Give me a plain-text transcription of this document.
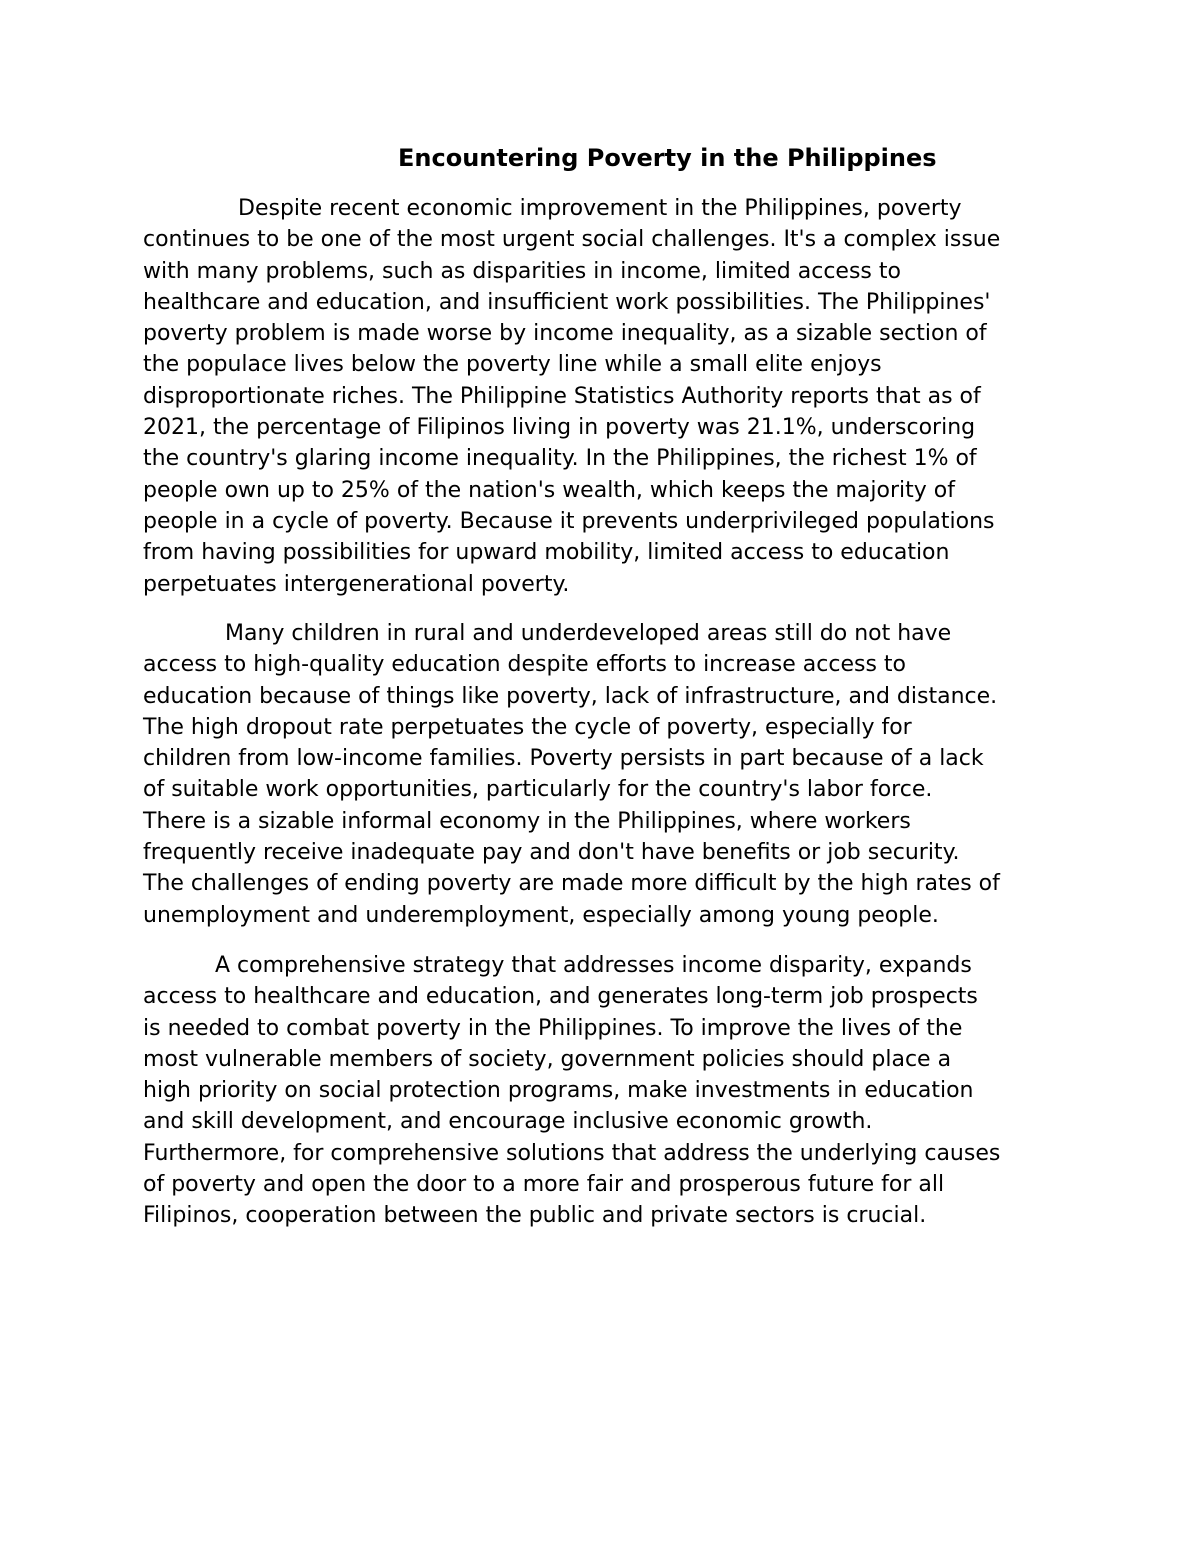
Encountering Poverty in the Philippines
Despite recent economic improvement in the Philippines, poverty
continues to be one of the most urgent social challenges. It's a complex issue
with many problems, such as disparities in income, limited access to
healthcare and education, and insufficient work possibilities. The Philippines'
poverty problem is made worse by income inequality, as a sizable section of
the populace lives below the poverty line while a small elite enjoys
disproportionate riches. The Philippine Statistics Authority reports that as of
2021, the percentage of Filipinos living in poverty was 21.1%, underscoring
the country's glaring income inequality. In the Philippines, the richest 1% of
people own up to 25% of the nation's wealth, which keeps the majority of
people in a cycle of poverty. Because it prevents underprivileged populations
from having possibilities for upward mobility, limited access to education
perpetuates intergenerational poverty.
Many children in rural and underdeveloped areas still do not have
access to high-quality education despite efforts to increase access to
education because of things like poverty, lack of infrastructure, and distance.
The high dropout rate perpetuates the cycle of poverty, especially for
children from low-income families. Poverty persists in part because of a lack
of suitable work opportunities, particularly for the country's labor force.
There is a sizable informal economy in the Philippines, where workers
frequently receive inadequate pay and don't have benefits or job security.
The challenges of ending poverty are made more difficult by the high rates of
unemployment and underemployment, especially among young people.
A comprehensive strategy that addresses income disparity, expands
access to healthcare and education, and generates long-term job prospects
is needed to combat poverty in the Philippines. To improve the lives of the
most vulnerable members of society, government policies should place a
high priority on social protection programs, make investments in education
and skill development, and encourage inclusive economic growth.
Furthermore, for comprehensive solutions that address the underlying causes
of poverty and open the door to a more fair and prosperous future for all
Filipinos, cooperation between the public and private sectors is crucial.
